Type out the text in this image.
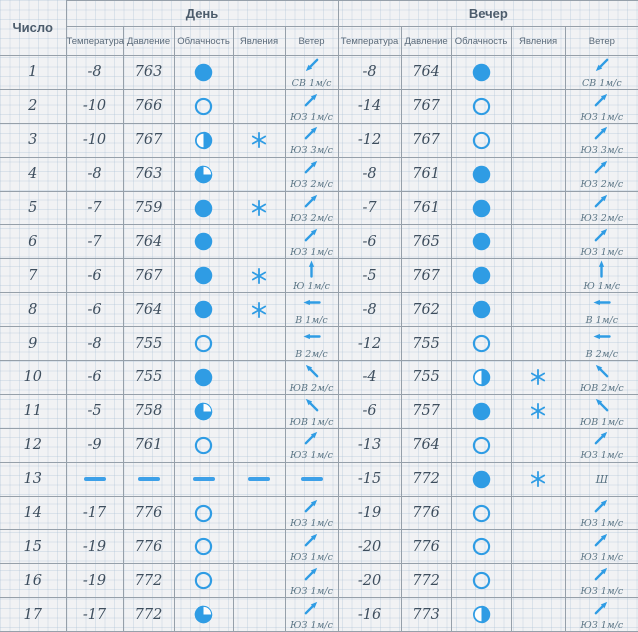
Число	День					Вечер				
	Температура	Давление	Облачность	Явления	Ветер	Температура	Давление	Облачность	Явления	Ветер
1	-8	763			СВ 1м/с	-8	764			СВ 1м/с

2	-10	766			ЮЗ 1м/с	-14	767			ЮЗ 1м/с

3	-10	767			ЮЗ 3м/с	-12	767			ЮЗ 3м/с

4	-8	763			ЮЗ 2м/с	-8	761			ЮЗ 2м/с

5	-7	759			ЮЗ 2м/с	-7	761			ЮЗ 2м/с

6	-7	764			ЮЗ 1м/с	-6	765			ЮЗ 1м/с

7	-6	767			Ю 1м/с	-5	767			Ю 1м/с

8	-6	764			В 1м/с	-8	762			В 1м/с

9	-8	755			В 2м/с	-12	755			В 2м/с

10	-6	755			ЮВ 2м/с	-4	755			ЮВ 2м/с

11	-5	758			ЮВ 1м/с	-6	757			ЮВ 1м/с

12	-9	761			ЮЗ 1м/с	-13	764			ЮЗ 1м/с

13						-15	772			Ш

14	-17	776			ЮЗ 1м/с	-19	776			ЮЗ 1м/с

15	-19	776			ЮЗ 1м/с	-20	776			ЮЗ 1м/с

16	-19	772			ЮЗ 1м/с	-20	772			ЮЗ 1м/с

17	-17	772			ЮЗ 1м/с	-16	773			ЮЗ 1м/с
